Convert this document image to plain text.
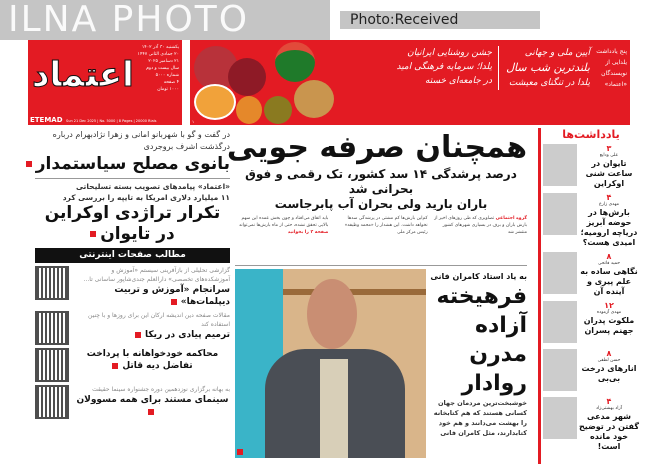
ILNA PHOTO	Photo:Received
اعتماد
یکشنبه ۳۰ آذر ۱۴۰۲
۲۰ جمادی الثانی ۱۴۴۷
۲۱ دسامبر ۲۰۲۵
سال بیست و دوم
شماره ۵۰۰۰
۴ صفحه
۱۰۰۰ تومان
ETEMAD Sun 21 Dec 2025 | No. 5000 | 8 Pages | 20000 Rials
پنج یادداشت یلدایی از نویسندگان «اعتماد»
آیین ملی و جهانی
بلندترین شب سال
یلدا در تنگنای معیشت
جشن روشنایی ایرانیان
یلدا؛ سرمایه فرهنگی امید
در جامعه‌ای خسته
۱
در گفت و گو با شهربانو امانی و زهرا نژادبهرام درباره درگذشت اشرف بروجردی
بانوی مصلح سیاستمدار
«اعتماد» پیامدهای تصویب بسته تسلیحاتی
۱۱ میلیارد دلاری امریکا به تایپه را بررسی کرد
تکرار تراژدی اوکراین در تایوان
مطالب صفحات اینترنتی
گزارشی تحلیلی از بازآفرینی سیستم «آموزش و آموزشکده‌های تخصصی» دارالعلم جندی‌شاپور ساسانی تا...
سرانجام «آموزش و تربیت دیپلمات‌ها»
مقالات صفحه دین اندیشه ارکان این برای روزها و با چنین استفاده کند
ترمیم پیادی در ریکا
محاکمه خودخواهانه با پرداخت تفاضل دیه قاتل
به بهانه برگزاری نوزدهمین دوره جشنواره سینما حقیقت
سینمای مستند برای همه مسوولان
همچنان صرفه جویی
درصد پرشدگی ۱۴ سد کشور، تک رقمی و فوق بحرانی شد
باران بارید ولی بحران آب پابرجاست
گروه اجتماعی تصاویری که طی روزهای اخیر از بارش باران و برف در بسیاری شهرهای کشور منتشر شد
کم‌این بارش‌ها کم مشتی در پرشدگی سدها نخواهد داشت. این هشدار را «محمد وظیفه» رئیس مرکز ملی
باید اتفاق می‌افتاد و چون بخش عمده این سهم بالایی تحقق نشده، حتی از ماه بارش‌ها نمی‌تواند صفحه ۲ را بخوانید
به یاد استاد کامران فانی
فرهیخته
آزاده
مدرن
روادار
خوشبخت‌ترین مردمان جهان کسانی هستند که هم کتابخانه را بهشت می‌دانند و هم خود کتابدارند، مثل کامران فانی
یادداشت‌ها
۳
علی ودایع
تایوان در ساعت شنی اوکراین
۴
مهدی زارع
بارش‌ها در حوضه آبریز دریاچه ارومیه؛ امیدی هست؟
۸
حمید فاتحی
نگاهی ساده به علم پیری و آینده آن
۱۲
مهدی آزموده
ملکوت پدران جهنم پسران
۸
حسن لطفی
انارهای درخت بی‌بی
۴
آزاد بهشتی‌زاد
شهر مدعی گفتن در توضیح خود مانده است!
